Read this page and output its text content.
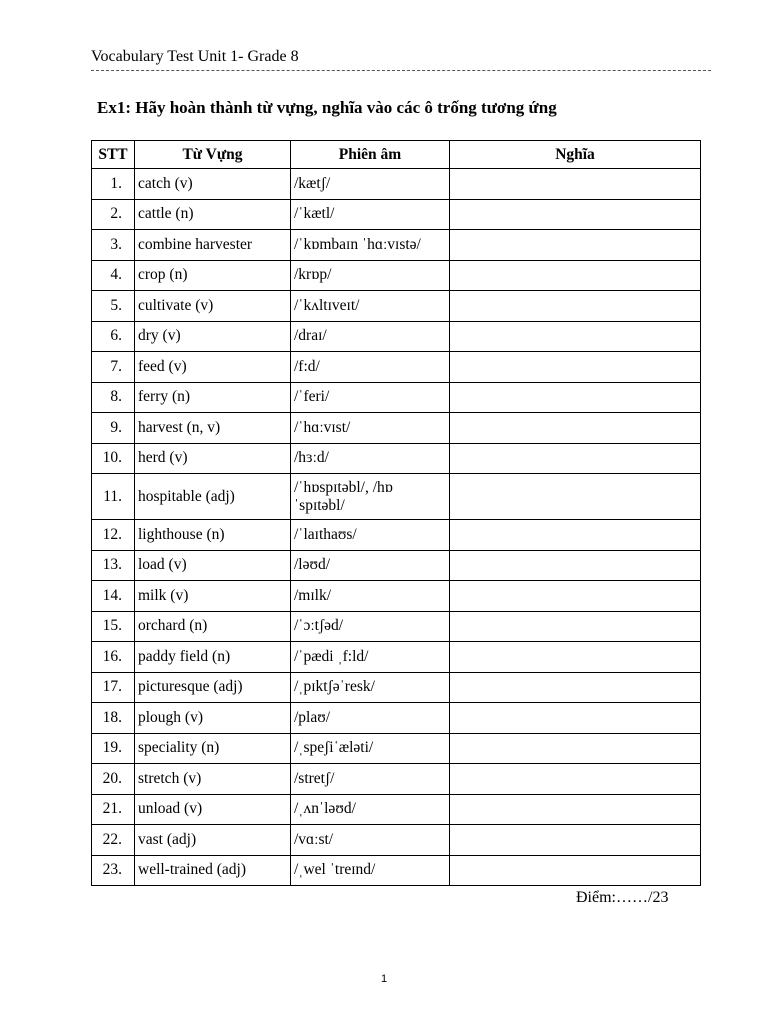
Vocabulary Test Unit 1- Grade 8
Ex1: Hãy hoàn thành từ vựng, nghĩa vào các ô trống tương ứng
STT	Từ Vựng	Phiên âm	Nghĩa
1.	catch (v)	/kætʃ/	
2.	cattle (n)	/ˈkætl/	
3.	combine harvester	/ˈkɒmbaɪn ˈhɑːvɪstə/	
4.	crop (n)	/krɒp/	
5.	cultivate (v)	/ˈkʌltɪveɪt/	
6.	dry (v)	/draɪ/	
7.	feed (v)	/f:d/	
8.	ferry (n)	/ˈferi/	
9.	harvest (n, v)	/ˈhɑːvɪst/	
10.	herd (v)	/hɜːd/	
11.	hospitable (adj)	/ˈhɒspɪtəbl/, /hɒ ˈspɪtəbl/	
12.	lighthouse (n)	/ˈlaɪthaʊs/	
13.	load (v)	/ləʊd/	
14.	milk (v)	/mɪlk/	
15.	orchard (n)	/ˈɔːtʃəd/	
16.	paddy field (n)	/ˈpædi ˌf:ld/	
17.	picturesque (adj)	/ˌpɪktʃəˈresk/	
18.	plough (v)	/plaʊ/	
19.	speciality (n)	/ˌspeʃiˈæləti/	
20.	stretch (v)	/stretʃ/	
21.	unload (v)	/ˌʌnˈləʊd/	
22.	vast (adj)	/vɑːst/	
23.	well-trained (adj)	/ˌwel ˈtreɪnd/	
Điểm:……/23
1
